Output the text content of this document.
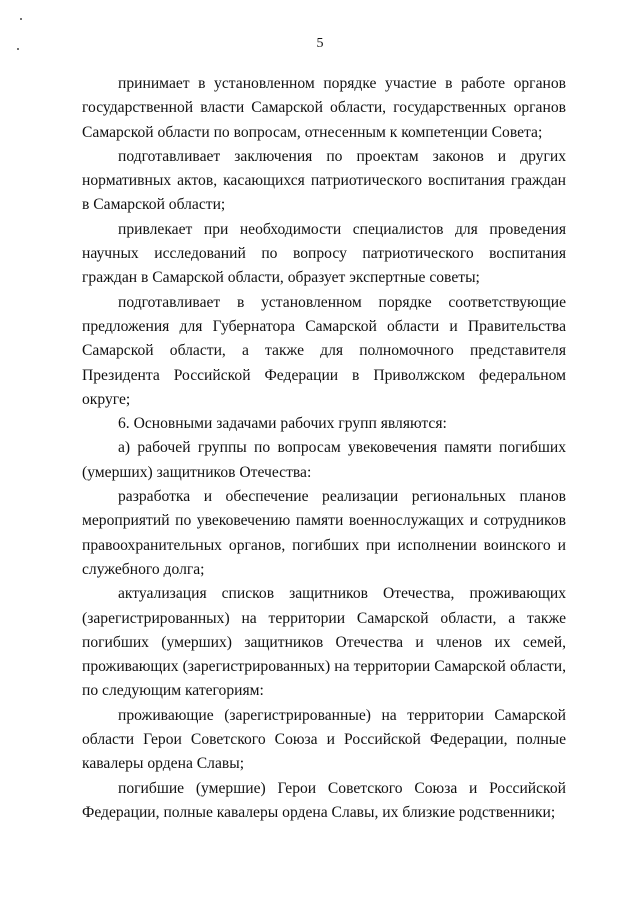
5

принимает в установленном порядке участие в работе органов государственной власти Самарской области, государственных органов Самарской области по вопросам, отнесенным к компетенции Совета;

подготавливает заключения по проектам законов и других нормативных актов, касающихся патриотического воспитания граждан в Самарской области;

привлекает при необходимости специалистов для проведения научных исследований по вопросу патриотического воспитания граждан в Самарской области, образует экспертные советы;

подготавливает в установленном порядке соответствующие предложения для Губернатора Самарской области и Правительства Самарской области, а также для полномочного представителя Президента Российской Федерации в Приволжском федеральном округе;

6. Основными задачами рабочих групп являются:

а) рабочей группы по вопросам увековечения памяти погибших (умерших) защитников Отечества:

разработка и обеспечение реализации региональных планов мероприятий по увековечению памяти военнослужащих и сотрудников правоохранительных органов, погибших при исполнении воинского и служебного долга;

актуализация списков защитников Отечества, проживающих (зарегистрированных) на территории Самарской области, а также погибших (умерших) защитников Отечества и членов их семей, проживающих (зарегистрированных) на территории Самарской области, по следующим категориям:

проживающие (зарегистрированные) на территории Самарской области Герои Советского Союза и Российской Федерации, полные кавалеры ордена Славы;

погибшие (умершие) Герои Советского Союза и Российской Федерации, полные кавалеры ордена Славы, их близкие родственники;
